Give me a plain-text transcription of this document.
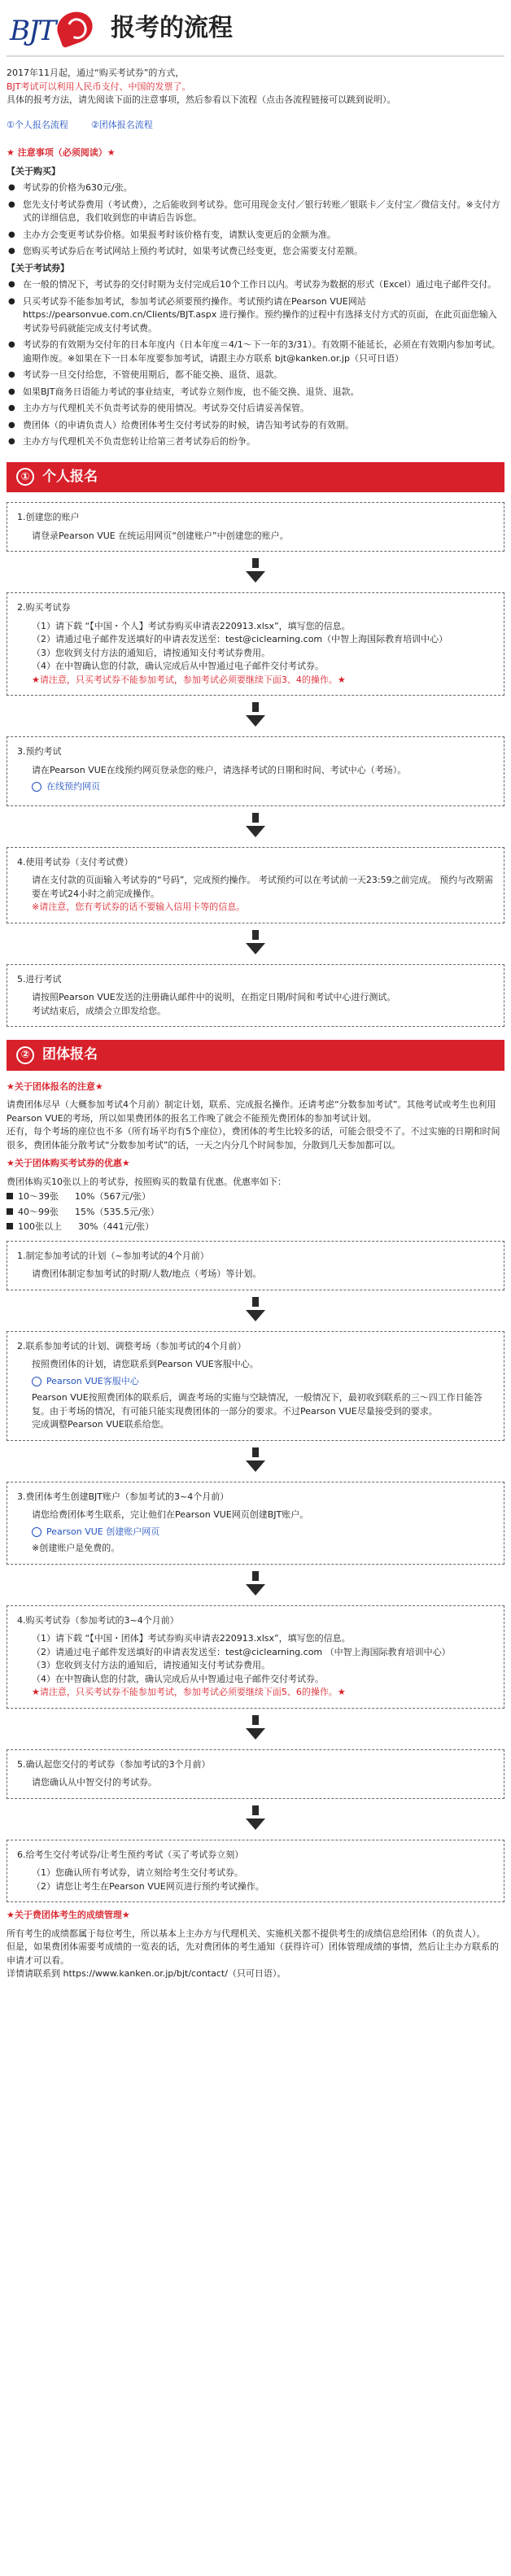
BJT 报考的流程

2017年11月起，通过“购买考试券”的方式，

BJT考试可以利用人民币支付、中国的发票了。

具体的报考方法，请先阅读下面的注意事项，然后参看以下流程（点击各流程链接可以跳到说明）。

①个人报名流程	②团体报名流程
★ 注意事项（必须阅读）★
【关于购买】
● 考试券的价格为630元/张。
● 您先支付考试券费用（考试费），之后能收到考试券。您可用现金支付／银行转账／银联卡／支付宝／微信支付。※支付方式的详细信息，我们收到您的申请后告诉您。
● 主办方会变更考试券价格。如果报考时该价格有变，请默认变更后的金额为准。
● 您购买考试券后在考试网站上预约考试时，如果考试费已经变更，您会需要支付差额。
【关于考试券】
● 在一般的情况下，考试券的交付时期为支付完成后10个工作日以内。考试券为数据的形式（Excel）通过电子邮件交付。
● 只买考试券不能参加考试，参加考试必须要预约操作。考试预约请在Pearson VUE网站 https://pearsonvue.com.cn/Clients/BJT.aspx 进行操作。预约操作的过程中有选择支付方式的页面，在此页面您输入考试券号码就能完成支付考试费。
● 考试券的有效期为交付年的日本年度内（日本年度＝4/1～下一年的3/31）。有效期不能延长，必须在有效期内参加考试。逾期作废。※如果在下一日本年度要参加考试，请跟主办方联系 bjt@kanken.or.jp（只可日语）
● 考试券一旦交付给您，不管使用期后，都不能交换、退货、退款。
● 如果BJT商务日语能力考试的事业结束，考试券立刻作废，也不能交换、退货、退款。
● 主办方与代理机关不负责考试券的使用情况。考试券交付后请妥善保管。
● 费团体（的申请负责人）给费团体考生交付考试券的时候，请告知考试券的有效期。
● 主办方与代理机关不负责您转让给第三者考试券后的纷争。
① 个人报名
1.创建您的账户
请登录Pearson VUE 在统运用网页“创建账户”中创建您的账户。
2.购买考试券
（1）请下载 “【中国・个人】考试券购买申请表220913.xlsx”，填写您的信息。
（2）请通过电子邮件发送填好的申请表发送至：test@ciclearning.com（中智上海国际教育培训中心）
（3）您收到支付方法的通知后，请按通知支付考试券费用。
（4）在中智确认您的付款，确认完成后从中智通过电子邮件交付考试券。
★请注意，只买考试券不能参加考试，参加考试必须要继续下面3、4的操作。★
3.预约考试
请在Pearson VUE在线预约网页登录您的账户，请选择考试的日期和时间、考试中心（考场）。
在线预约网页
4.使用考试券（支付考试费）
请在支付款的页面输入考试券的“号码”，完成预约操作。 考试预约可以在考试前一天23:59之前完成。 预约与改期需要在考试24小时之前完成操作。
※请注意，您有考试券的话不要输入信用卡等的信息。
5.进行考试
请按照Pearson VUE发送的注册确认邮件中的说明，在指定日期/时间和考试中心进行测试。
考试结束后，成绩会立即发给您。
② 团体报名
★关于团体报名的注意★
请费团体尽早（大概参加考试4个月前）制定计划，联系、完成报名操作。还请考虑“分数参加考试”。其他考试或考生也利用Pearson VUE的考场，所以如果费团体的报名工作晚了就会不能预先费团体的参加考试计划。
还有，每个考场的座位也不多（所有场平均有5个座位），费团体的考生比较多的话，可能会很受不了。不过实施的日期和时间很多，费团体能分散考试“分数参加考试”的话，一天之内分几个时间参加，分散到几天参加都可以。
★关于团体购买考试券的优惠★
费团体购买10张以上的考试券，按照购买的数量有优惠。优惠率如下：
10～39张 10%（567元/张）
40～99张 15%（535.5元/张）
100张以上 30%（441元/张）
1.制定参加考试的计划（~参加考试的4个月前）
请费团体制定参加考试的时期/人数/地点（考场）等计划。
2.联系参加考试的计划、调整考场（参加考试的4个月前）
按照费团体的计划，请您联系到Pearson VUE客服中心。
Pearson VUE客服中心
Pearson VUE按照费团体的联系后，调查考场的实施与空缺情况，一般情况下，最初收到联系的三～四工作日能答复。由于考场的情况，有可能只能实现费团体的一部分的要求。不过Pearson VUE尽量接受到的要求。
完成调整Pearson VUE联系给您。
3.费团体考生创建BJT账户（参加考试的3~4个月前）
请您给费团体考生联系，完让他们在Pearson VUE网页创建BJT账户。
Pearson VUE 创建账户网页
※创建账户是免费的。
4.购买考试券（参加考试的3~4个月前）
（1）请下载 “【中国・团体】考试券购买申请表220913.xlsx”，填写您的信息。
（2）请通过电子邮件发送填好的申请表发送至：test@ciclearning.com （中智上海国际教育培训中心）
（3）您收到支付方法的通知后，请按通知支付考试券费用。
（4）在中智确认您的付款，确认完成后从中智通过电子邮件交付考试券。
★请注意，只买考试券不能参加考试，参加考试必须要继续下面5、6的操作。★
5.确认起您交付的考试券（参加考试的3个月前）
请您确认从中智交付的考试券。
6.给考生交付考试券/让考生预约考试（买了考试券立刻）
（1）您确认所有考试券，请立刻给考生交付考试券。
（2）请您让考生在Pearson VUE网页进行预约考试操作。
★关于费团体考生的成绩管理★
所有考生的成绩都属于每位考生，所以基本上主办方与代理机关、实施机关都不提供考生的成绩信息给团体（的负责人）。
但是，如果费团体需要考成绩的一览表的话，先对费团体的考生通知（获得许可）团体管理成绩的事情，然后让主办方联系的申请才可以看。
详情请联系到 https://www.kanken.or.jp/bjt/contact/（只可日语）。
